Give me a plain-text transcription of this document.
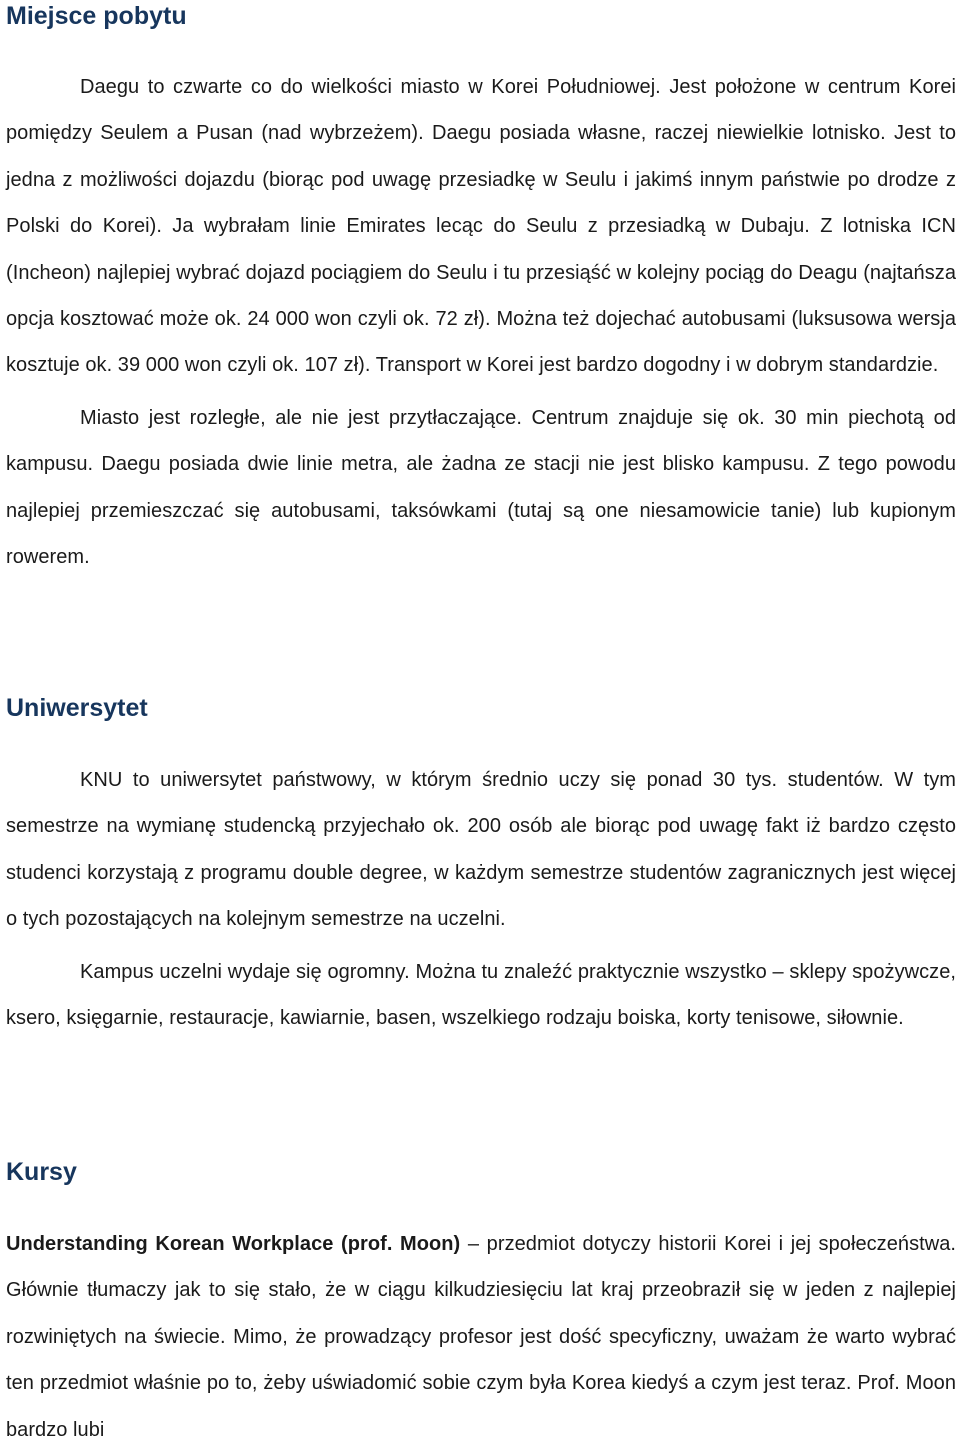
Miejsce pobytu

Daegu to czwarte co do wielkości miasto w Korei Południowej. Jest położone w centrum Korei pomiędzy Seulem a Pusan (nad wybrzeżem). Daegu posiada własne, raczej niewielkie lotnisko. Jest to jedna z możliwości dojazdu (biorąc pod uwagę przesiadkę w Seulu i jakimś innym państwie po drodze z Polski do Korei). Ja wybrałam linie Emirates lecąc do Seulu z przesiadką w Dubaju. Z lotniska ICN (Incheon) najlepiej wybrać dojazd pociągiem do Seulu i tu przesiąść w kolejny pociąg do Deagu (najtańsza opcja kosztować może ok. 24 000 won czyli ok. 72 zł). Można też dojechać autobusami (luksusowa wersja kosztuje ok. 39 000 won czyli ok. 107 zł). Transport w Korei jest bardzo dogodny i w dobrym standardzie.

Miasto jest rozległe, ale nie jest przytłaczające. Centrum znajduje się ok. 30 min piechotą od kampusu. Daegu posiada dwie linie metra, ale żadna ze stacji nie jest blisko kampusu. Z tego powodu najlepiej przemieszczać się autobusami, taksówkami (tutaj są one niesamowicie tanie) lub kupionym rowerem.

Uniwersytet

KNU to uniwersytet państwowy, w którym średnio uczy się ponad 30 tys. studentów. W tym semestrze na wymianę studencką przyjechało ok. 200 osób ale biorąc pod uwagę fakt iż bardzo często studenci korzystają z programu double degree, w każdym semestrze studentów zagranicznych jest więcej o tych pozostających na kolejnym semestrze na uczelni.

Kampus uczelni wydaje się ogromny. Można tu znaleźć praktycznie wszystko – sklepy spożywcze, ksero, księgarnie, restauracje, kawiarnie, basen, wszelkiego rodzaju boiska, korty tenisowe, siłownie.

Kursy

Understanding Korean Workplace (prof. Moon) – przedmiot dotyczy historii Korei i jej społeczeństwa. Głównie tłumaczy jak to się stało, że w ciągu kilkudziesięciu lat kraj przeobraził się w jeden z najlepiej rozwiniętych na świecie. Mimo, że prowadzący profesor jest dość specyficzny, uważam że warto wybrać ten przedmiot właśnie po to, żeby uświadomić sobie czym była Korea kiedyś a czym jest teraz. Prof. Moon bardzo lubi
